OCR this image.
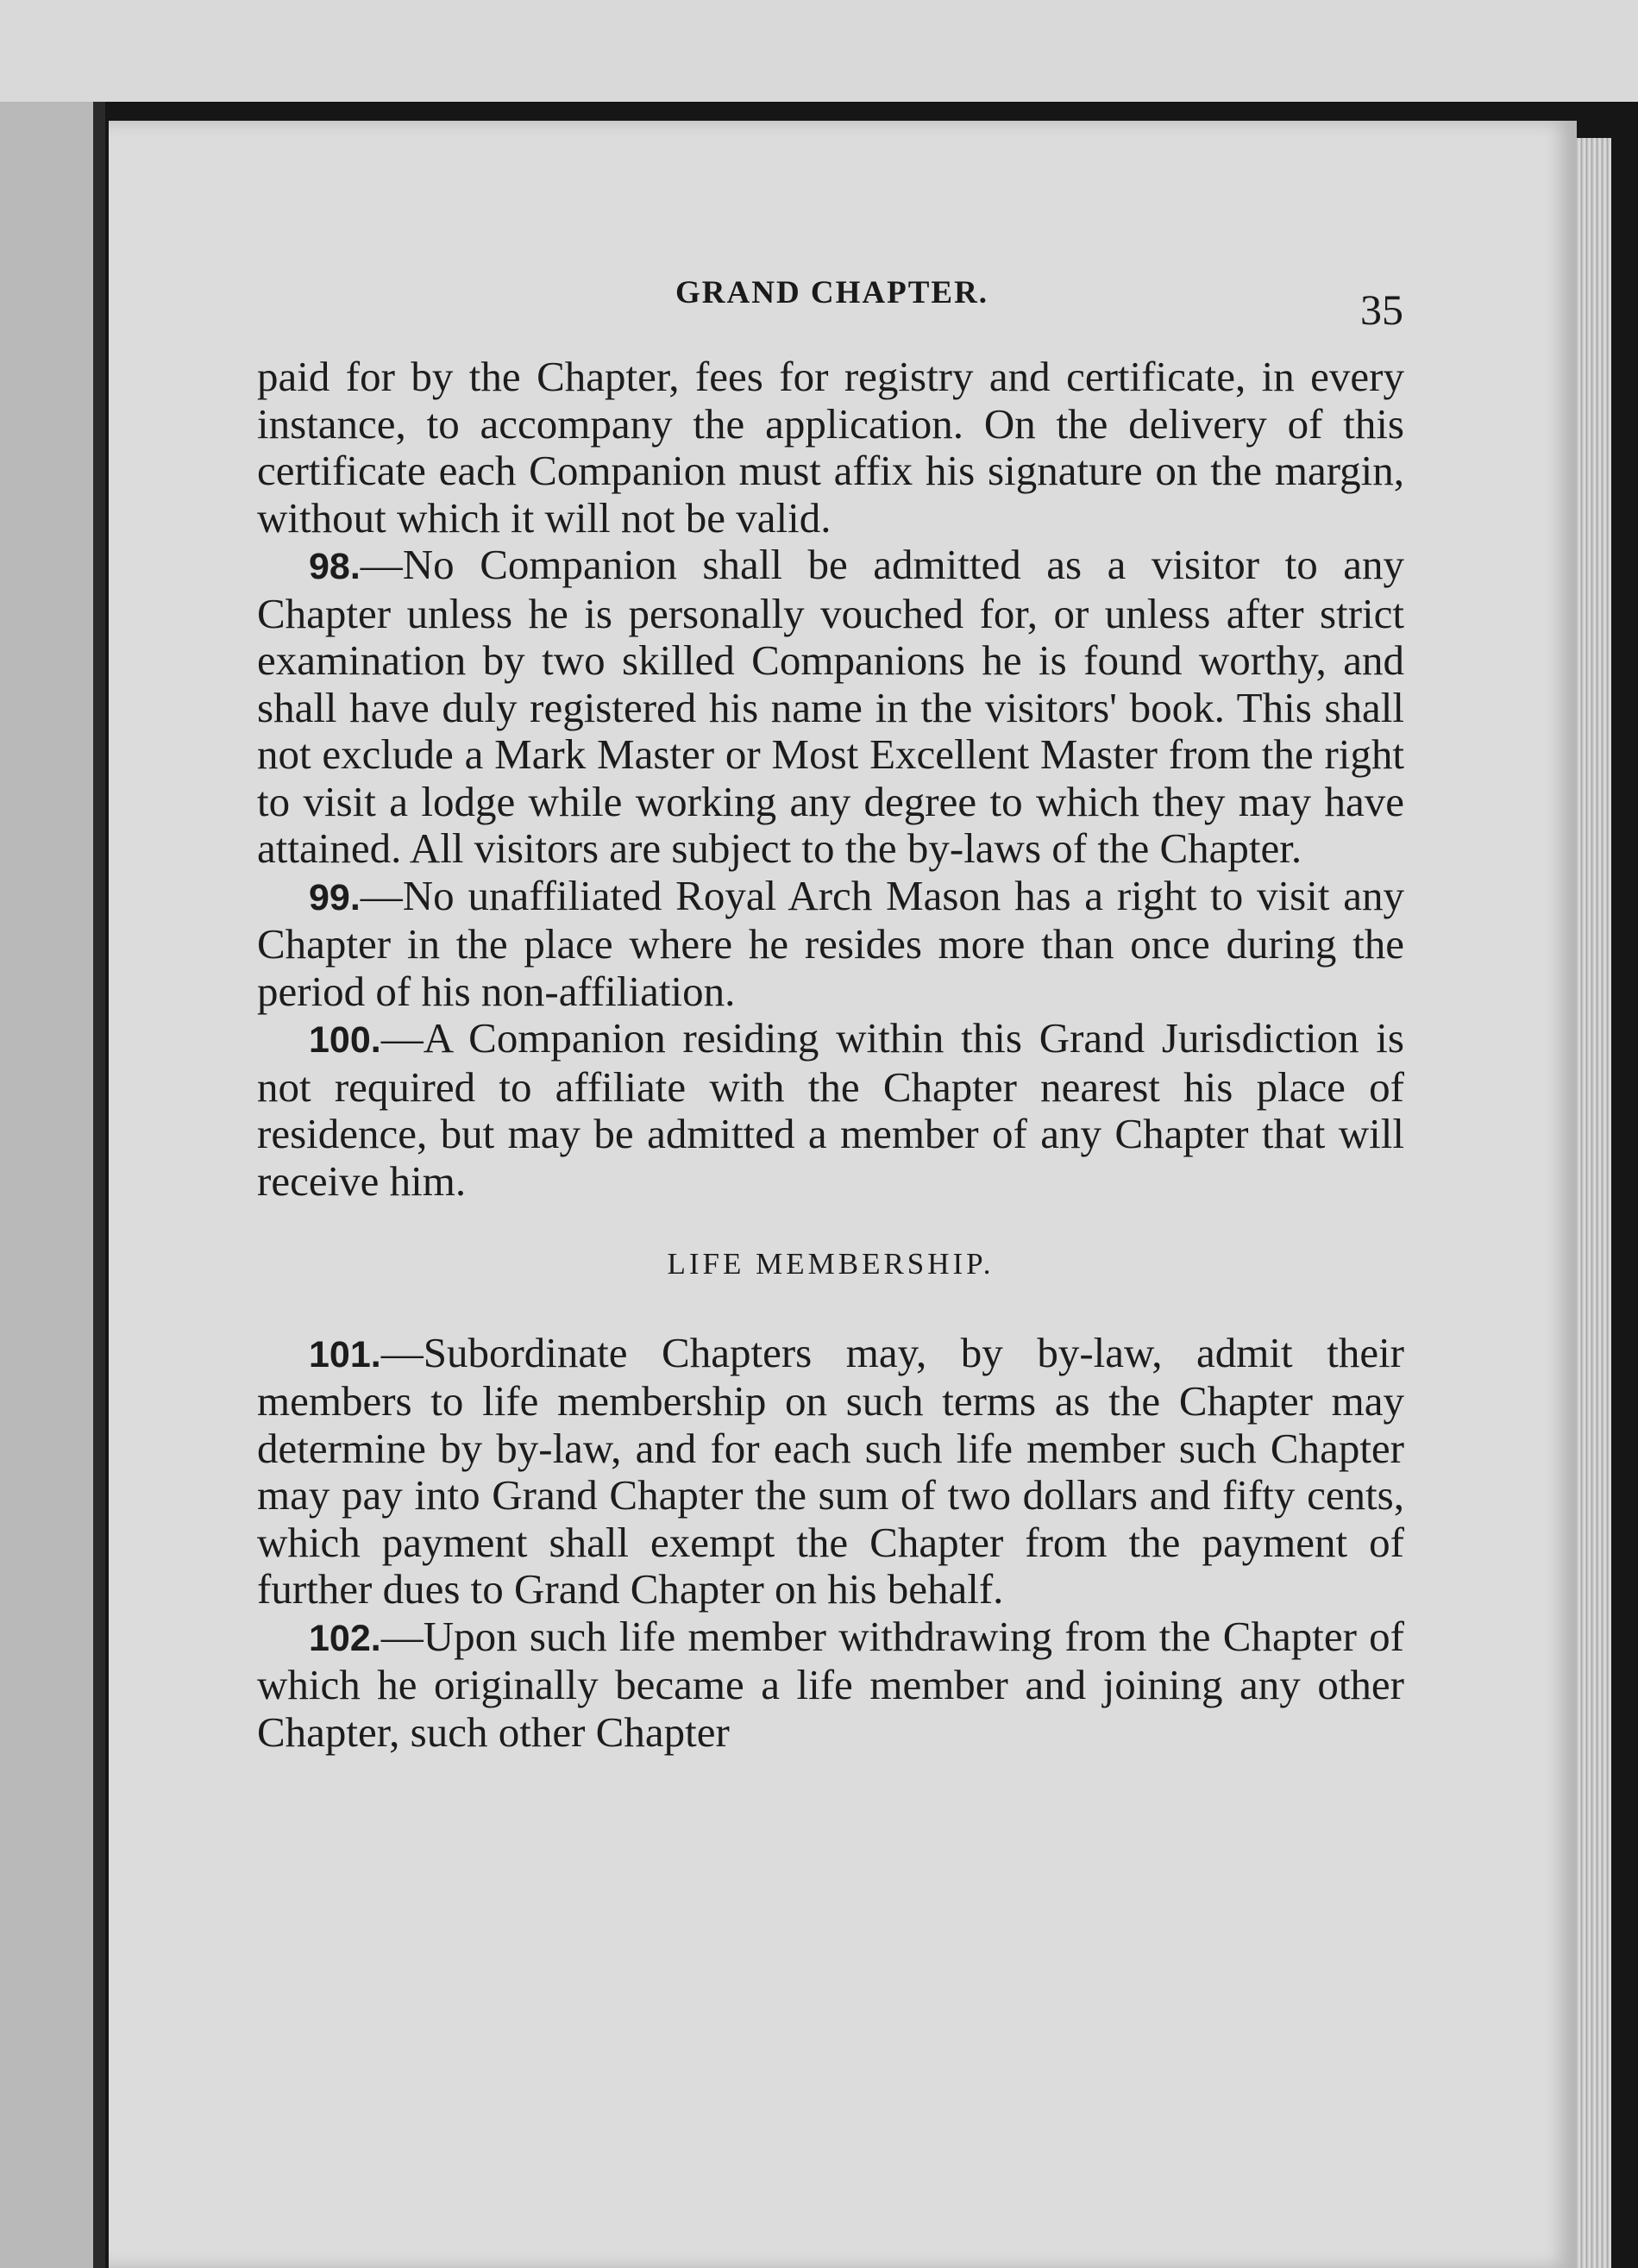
GRAND CHAPTER.	35

paid for by the Chapter, fees for registry and certificate, in every instance, to accompany the application. On the delivery of this certificate each Companion must affix his signature on the margin, without which it will not be valid.

98.—No Companion shall be admitted as a visitor to any Chapter unless he is personally vouched for, or unless after strict examination by two skilled Companions he is found worthy, and shall have duly registered his name in the visitors' book. This shall not exclude a Mark Master or Most Excellent Master from the right to visit a lodge while working any degree to which they may have attained. All visitors are subject to the by-laws of the Chapter.

99.—No unaffiliated Royal Arch Mason has a right to visit any Chapter in the place where he resides more than once during the period of his non-affiliation.

100.—A Companion residing within this Grand Jurisdiction is not required to affiliate with the Chapter nearest his place of residence, but may be admitted a member of any Chapter that will receive him.

LIFE MEMBERSHIP.

101.—Subordinate Chapters may, by by-law, admit their members to life membership on such terms as the Chapter may determine by by-law, and for each such life member such Chapter may pay into Grand Chapter the sum of two dollars and fifty cents, which payment shall exempt the Chapter from the payment of further dues to Grand Chapter on his behalf.

102.—Upon such life member withdrawing from the Chapter of which he originally became a life member and joining any other Chapter, such other Chapter
